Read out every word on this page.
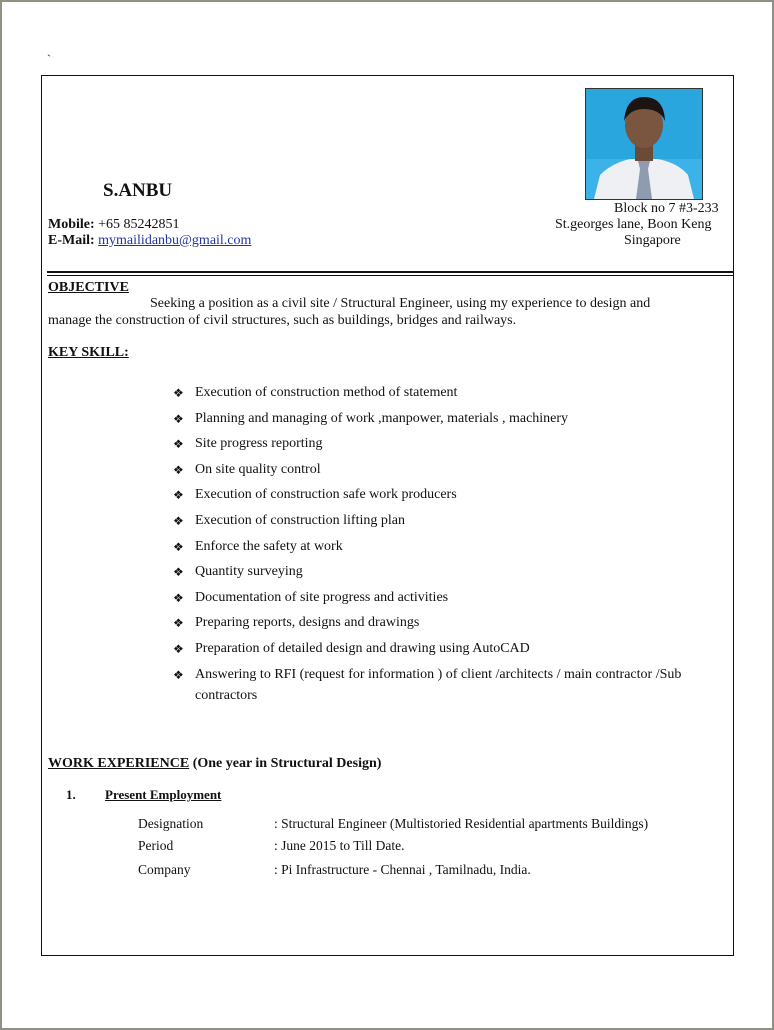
`
S.ANBU
Mobile: +65 85242851
E-Mail: mymailidanbu@gmail.com
Block no 7 #3-233
St.georges lane, Boon Keng
Singapore
OBJECTIVE
Seeking a position as a civil site / Structural Engineer, using my experience to design and
manage the construction of civil structures, such as buildings, bridges and railways.
KEY SKILL:
❖ Execution of construction method of statement
❖ Planning and managing of work ,manpower, materials , machinery
❖ Site progress reporting
❖ On site quality control
❖ Execution of construction safe work producers
❖ Execution of construction lifting plan
❖ Enforce the safety at work
❖ Quantity surveying
❖ Documentation of site progress and activities
❖ Preparing reports, designs and drawings
❖ Preparation of detailed design and drawing using AutoCAD
❖ Answering to RFI (request for information ) of client /architects / main contractor /Sub contractors
WORK EXPERIENCE (One year in Structural Design)
1. Present Employment
Designation	: Structural Engineer (Multistoried Residential apartments Buildings)
Period	: June 2015 to Till Date.
Company	: Pi Infrastructure - Chennai , Tamilnadu, India.
